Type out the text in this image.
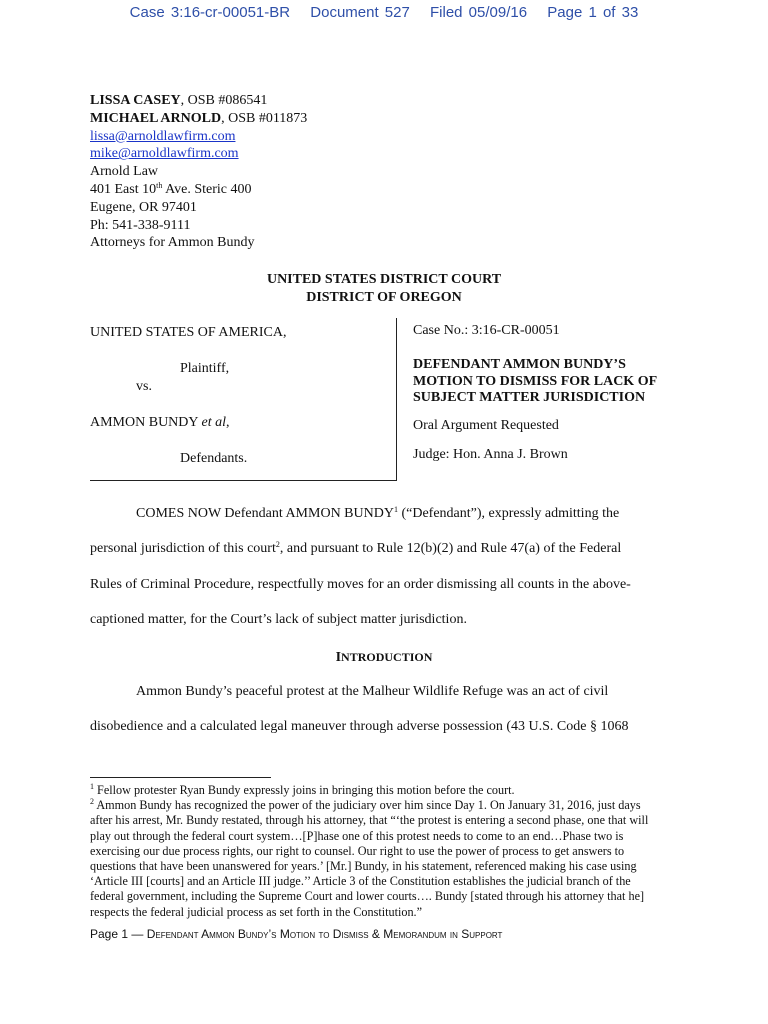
Case 3:16-cr-00051-BR Document 527 Filed 05/09/16 Page 1 of 33
LISSA CASEY, OSB #086541
MICHAEL ARNOLD, OSB #011873
lissa@arnoldlawfirm.com
mike@arnoldlawfirm.com
Arnold Law
401 East 10th Ave. Steric 400
Eugene, OR 97401
Ph: 541-338-9111
Attorneys for Ammon Bundy
UNITED STATES DISTRICT COURT
DISTRICT OF OREGON
UNITED STATES OF AMERICA,
Plaintiff,
vs.
AMMON BUNDY et al,
Defendants.
Case No.: 3:16-CR-00051
DEFENDANT AMMON BUNDY’S
MOTION TO DISMISS FOR LACK OF
SUBJECT MATTER JURISDICTION
Oral Argument Requested
Judge: Hon. Anna J. Brown
COMES NOW Defendant AMMON BUNDY$^1$ (“Defendant”), expressly admitting the
personal jurisdiction of this court$^2$, and pursuant to Rule 12(b)(2) and Rule 47(a) of the Federal
Rules of Criminal Procedure, respectfully moves for an order dismissing all counts in the above-
captioned matter, for the Court’s lack of subject matter jurisdiction.
INTRODUCTION
Ammon Bundy’s peaceful protest at the Malheur Wildlife Refuge was an act of civil
disobedience and a calculated legal maneuver through adverse possession (43 U.S. Code § 1068
$^1$ Fellow protester Ryan Bundy expressly joins in bringing this motion before the court.
$^2$ Ammon Bundy has recognized the power of the judiciary over him since Day 1. On January 31, 2016, just days
after his arrest, Mr. Bundy restated, through his attorney, that “‘the protest is entering a second phase, one that will
play out through the federal court system…[P]hase one of this protest needs to come to an end…Phase two is
exercising our due process rights, our right to counsel. Our right to use the power of process to get answers to
questions that have been unanswered for years.’ [Mr.] Bundy, in his statement, referenced making his case using
‘Article III [courts] and an Article III judge.’’ Article 3 of the Constitution establishes the judicial branch of the
federal government, including the Supreme Court and lower courts…. Bundy [stated through his attorney that he]
respects the federal judicial process as set forth in the Constitution.”
Page 1 — Defendant Ammon Bundy’s Motion to Dismiss & Memorandum in Support
